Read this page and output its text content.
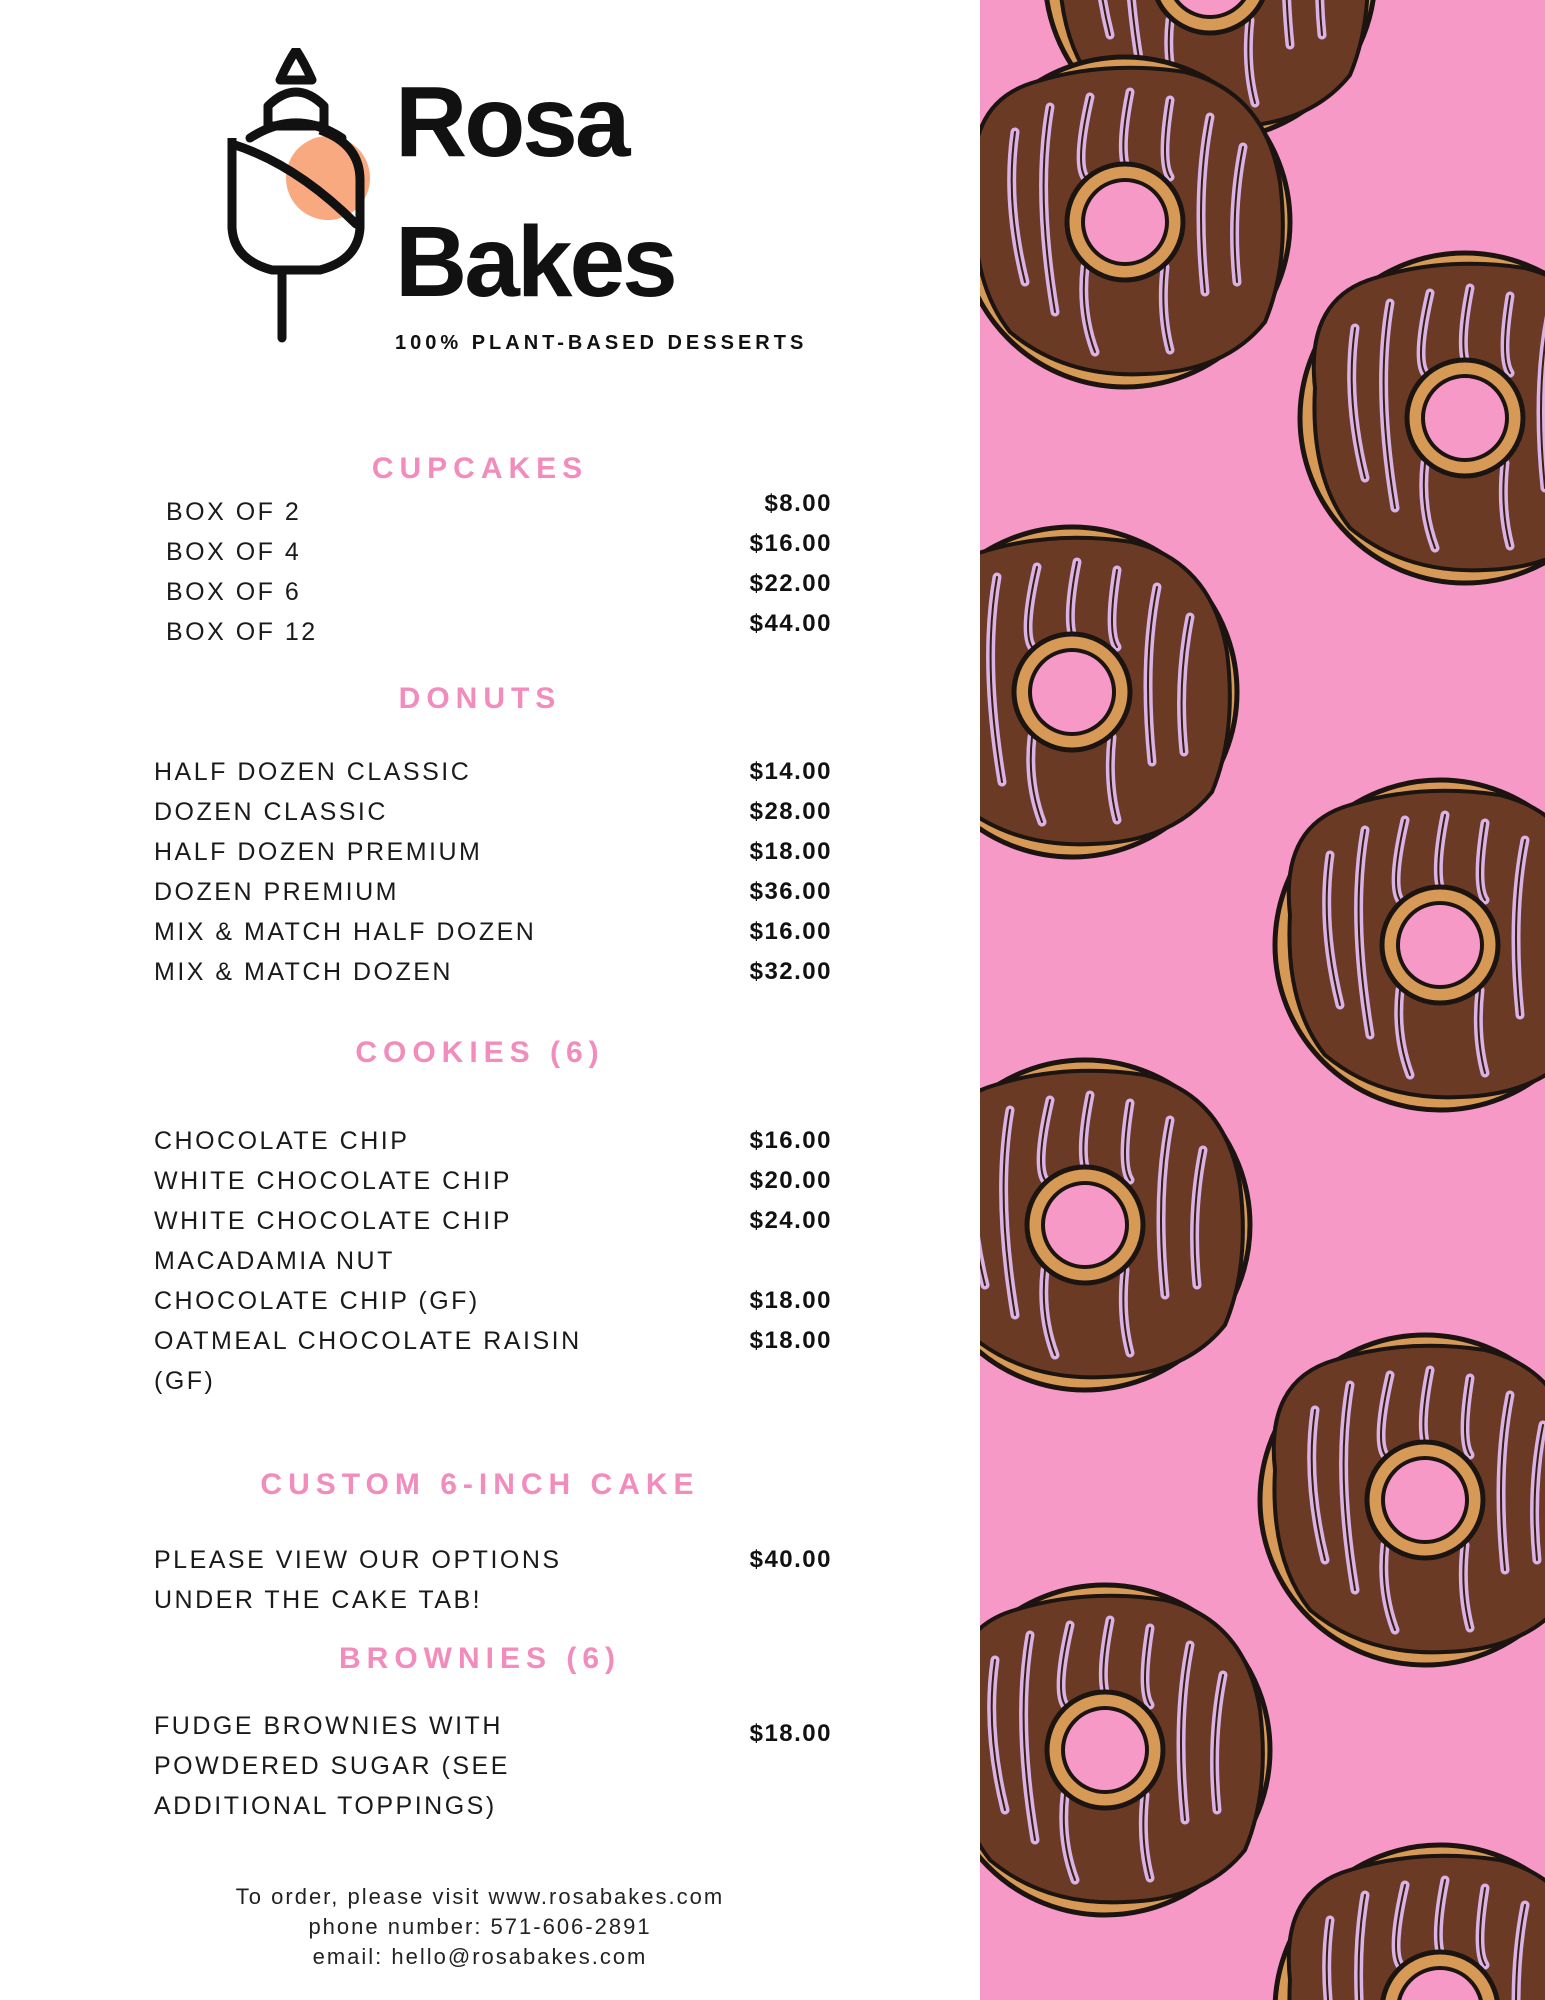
Rosa
Bakes
100% PLANT-BASED DESSERTS
CUPCAKES
BOX OF 2	$8.00
BOX OF 4	$16.00
BOX OF 6	$22.00
BOX OF 12	$44.00
DONUTS
HALF DOZEN CLASSIC	$14.00
DOZEN CLASSIC	$28.00
HALF DOZEN PREMIUM	$18.00
DOZEN PREMIUM	$36.00
MIX & MATCH HALF DOZEN	$16.00
MIX & MATCH DOZEN	$32.00
COOKIES (6)
CHOCOLATE CHIP	$16.00
WHITE CHOCOLATE CHIP	$20.00
WHITE CHOCOLATE CHIP
MACADAMIA NUT
$24.00
CHOCOLATE CHIP (GF)	$18.00
OATMEAL CHOCOLATE RAISIN
(GF)
$18.00
CUSTOM 6-INCH CAKE
PLEASE VIEW OUR OPTIONS
UNDER THE CAKE TAB!
$40.00
BROWNIES (6)
FUDGE BROWNIES WITH
POWDERED SUGAR (SEE
ADDITIONAL TOPPINGS)
$18.00
To order, please visit www.rosabakes.com
phone number: 571-606-2891
email: hello@rosabakes.com
